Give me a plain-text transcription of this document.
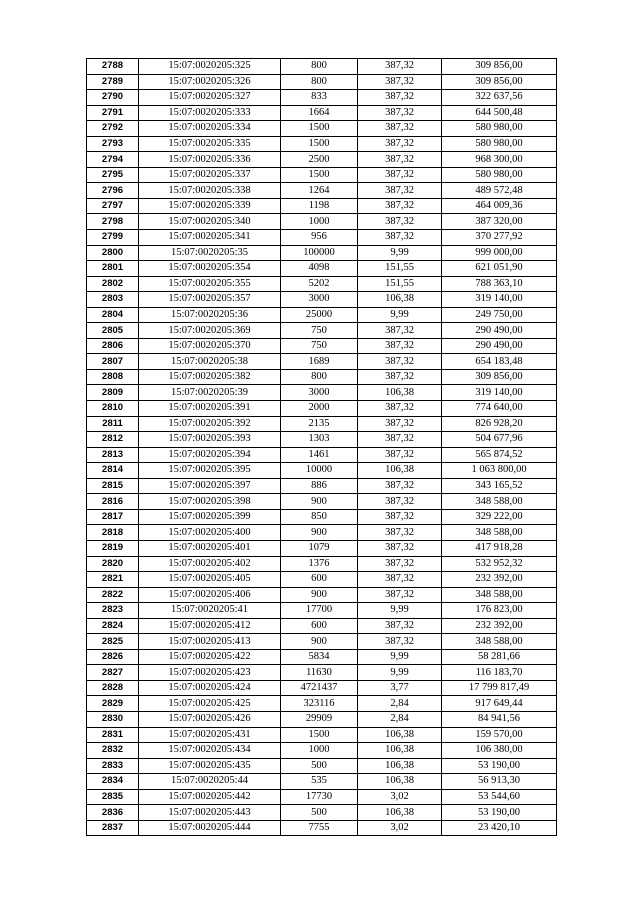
2788	15:07:0020205:325	800	387,32	309 856,00
2789	15:07:0020205:326	800	387,32	309 856,00
2790	15:07:0020205:327	833	387,32	322 637,56
2791	15:07:0020205:333	1664	387,32	644 500,48
2792	15:07:0020205:334	1500	387,32	580 980,00
2793	15:07:0020205:335	1500	387,32	580 980,00
2794	15:07:0020205:336	2500	387,32	968 300,00
2795	15:07:0020205:337	1500	387,32	580 980,00
2796	15:07:0020205:338	1264	387,32	489 572,48
2797	15:07:0020205:339	1198	387,32	464 009,36
2798	15:07:0020205:340	1000	387,32	387 320,00
2799	15:07:0020205:341	956	387,32	370 277,92
2800	15:07:0020205:35	100000	9,99	999 000,00
2801	15:07:0020205:354	4098	151,55	621 051,90
2802	15:07:0020205:355	5202	151,55	788 363,10
2803	15:07:0020205:357	3000	106,38	319 140,00
2804	15:07:0020205:36	25000	9,99	249 750,00
2805	15:07:0020205:369	750	387,32	290 490,00
2806	15:07:0020205:370	750	387,32	290 490,00
2807	15:07:0020205:38	1689	387,32	654 183,48
2808	15:07:0020205:382	800	387,32	309 856,00
2809	15:07:0020205:39	3000	106,38	319 140,00
2810	15:07:0020205:391	2000	387,32	774 640,00
2811	15:07:0020205:392	2135	387,32	826 928,20
2812	15:07:0020205:393	1303	387,32	504 677,96
2813	15:07:0020205:394	1461	387,32	565 874,52
2814	15:07:0020205:395	10000	106,38	1 063 800,00
2815	15:07:0020205:397	886	387,32	343 165,52
2816	15:07:0020205:398	900	387,32	348 588,00
2817	15:07:0020205:399	850	387,32	329 222,00
2818	15:07:0020205:400	900	387,32	348 588,00
2819	15:07:0020205:401	1079	387,32	417 918,28
2820	15:07:0020205:402	1376	387,32	532 952,32
2821	15:07:0020205:405	600	387,32	232 392,00
2822	15:07:0020205:406	900	387,32	348 588,00
2823	15:07:0020205:41	17700	9,99	176 823,00
2824	15:07:0020205:412	600	387,32	232 392,00
2825	15:07:0020205:413	900	387,32	348 588,00
2826	15:07:0020205:422	5834	9,99	58 281,66
2827	15:07:0020205:423	11630	9,99	116 183,70
2828	15:07:0020205:424	4721437	3,77	17 799 817,49
2829	15:07:0020205:425	323116	2,84	917 649,44
2830	15:07:0020205:426	29909	2,84	84 941,56
2831	15:07:0020205:431	1500	106,38	159 570,00
2832	15:07:0020205:434	1000	106,38	106 380,00
2833	15:07:0020205:435	500	106,38	53 190,00
2834	15:07:0020205:44	535	106,38	56 913,30
2835	15:07:0020205:442	17730	3,02	53 544,60
2836	15:07:0020205:443	500	106,38	53 190,00
2837	15:07:0020205:444	7755	3,02	23 420,10
